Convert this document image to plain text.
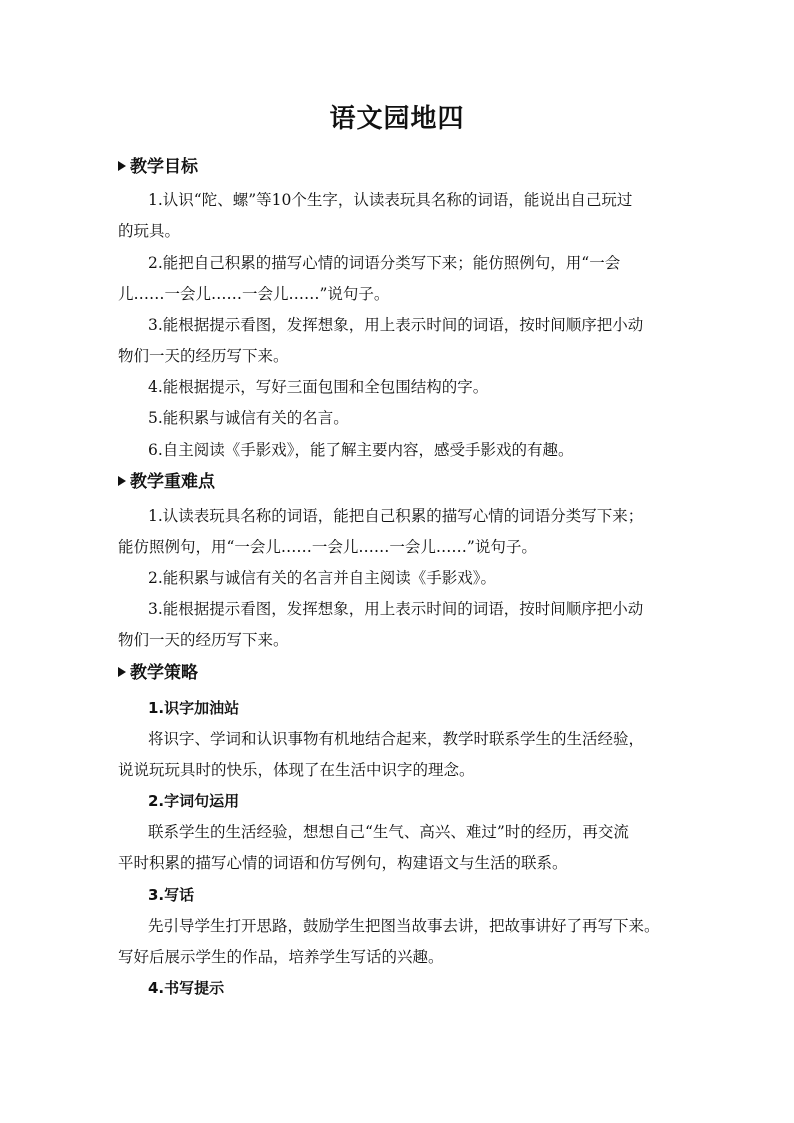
语文园地四
教学目标
1.认识“陀、螺”等10个生字，认读表玩具名称的词语，能说出自己玩过
的玩具。
2.能把自己积累的描写心情的词语分类写下来；能仿照例句，用“一会
儿……一会儿……一会儿……”说句子。
3.能根据提示看图，发挥想象，用上表示时间的词语，按时间顺序把小动
物们一天的经历写下来。
4.能根据提示，写好三面包围和全包围结构的字。
5.能积累与诚信有关的名言。
6.自主阅读《手影戏》，能了解主要内容，感受手影戏的有趣。
教学重难点
1.认读表玩具名称的词语，能把自己积累的描写心情的词语分类写下来；
能仿照例句，用“一会儿……一会儿……一会儿……”说句子。
2.能积累与诚信有关的名言并自主阅读《手影戏》。
3.能根据提示看图，发挥想象，用上表示时间的词语，按时间顺序把小动
物们一天的经历写下来。
教学策略
1.识字加油站
将识字、学词和认识事物有机地结合起来，教学时联系学生的生活经验，
说说玩玩具时的快乐，体现了在生活中识字的理念。
2.字词句运用
联系学生的生活经验，想想自己“生气、高兴、难过”时的经历，再交流
平时积累的描写心情的词语和仿写例句，构建语文与生活的联系。
3.写话
先引导学生打开思路，鼓励学生把图当故事去讲，把故事讲好了再写下来。
写好后展示学生的作品，培养学生写话的兴趣。
4.书写提示
